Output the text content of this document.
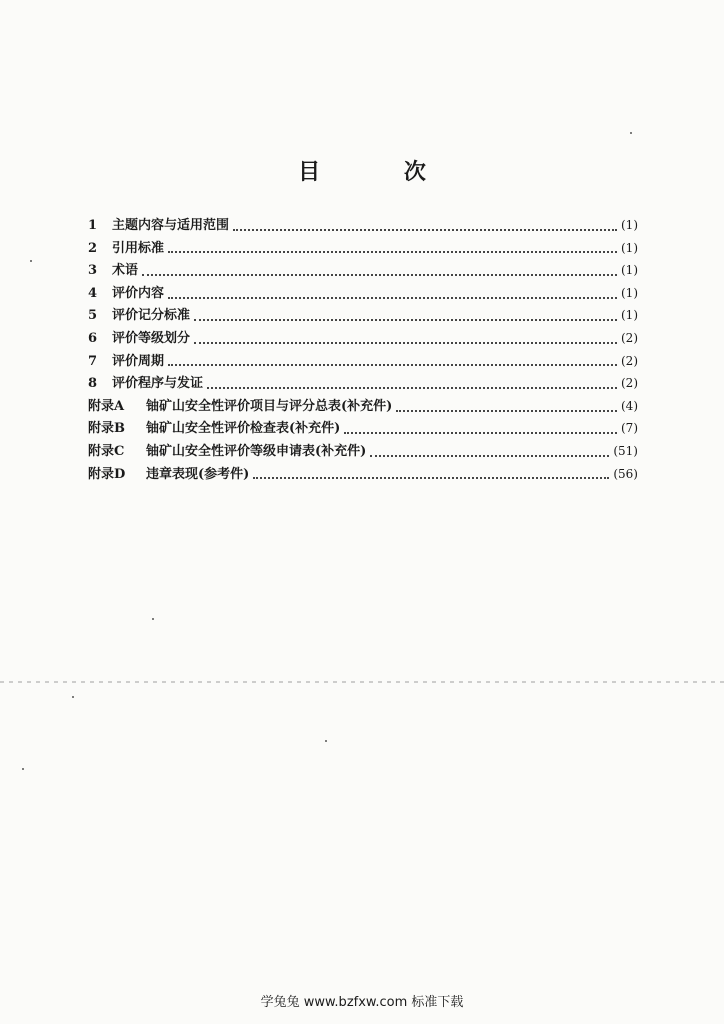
目 次
1	主题内容与适用范围	(1)
2	引用标准	(1)
3	术语	(1)
4	评价内容	(1)
5	评价记分标准	(1)
6	评价等级划分	(2)
7	评价周期	(2)
8	评价程序与发证	(2)
附录A	铀矿山安全性评价项目与评分总表(补充件)	(4)
附录B	铀矿山安全性评价检查表(补充件)	(7)
附录C	铀矿山安全性评价等级申请表(补充件)	(51)
附录D	违章表现(参考件)	(56)
学兔兔 www.bzfxw.com 标准下载
